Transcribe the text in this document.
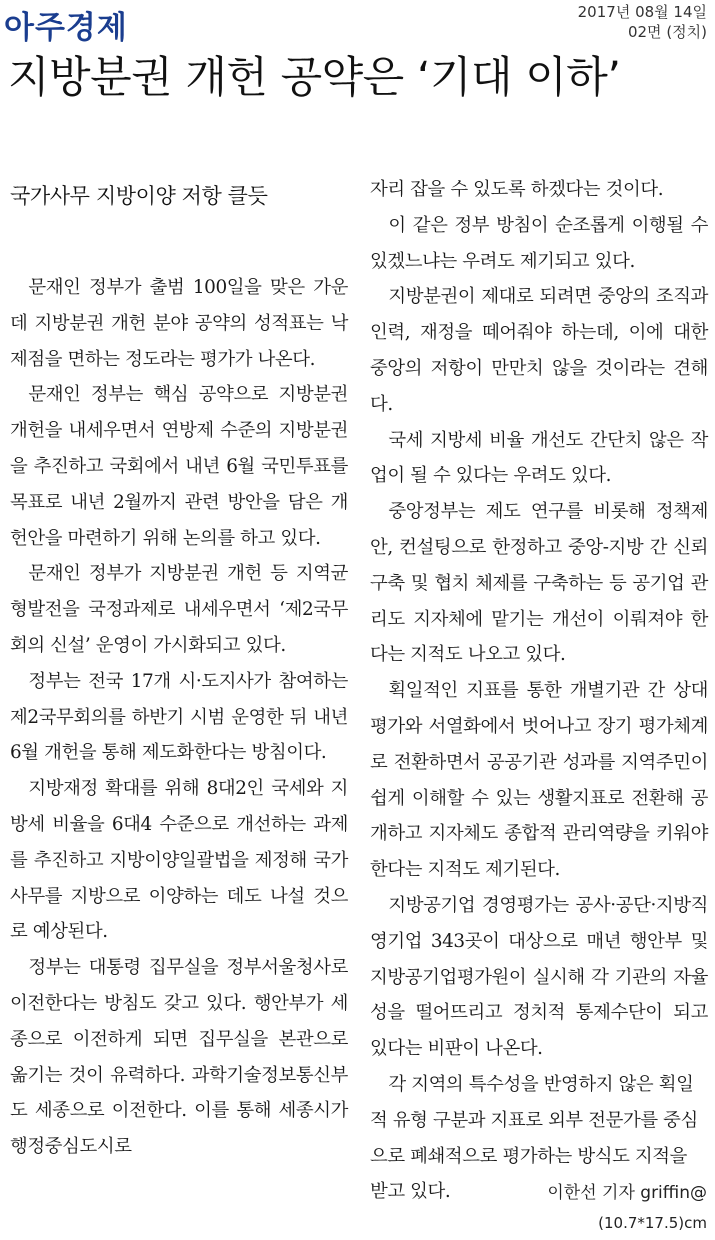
아주경제	2017년 08월 14일
02면 (정치)
지방분권 개헌 공약은 ‘기대 이하’
국가사무 지방이양 저항 클듯

문재인 정부가 출범 100일을 맞은 가운데 지방분권 개헌 분야 공약의 성적표는 낙제점을 면하는 정도라는 평가가 나온다.

문재인 정부는 핵심 공약으로 지방분권 개헌을 내세우면서 연방제 수준의 지방분권을 추진하고 국회에서 내년 6월 국민투표를 목표로 내년 2월까지 관련 방안을 담은 개헌안을 마련하기 위해 논의를 하고 있다.

문재인 정부가 지방분권 개헌 등 지역균형발전을 국정과제로 내세우면서 ‘제2국무회의 신설’ 운영이 가시화되고 있다.

정부는 전국 17개 시·도지사가 참여하는 제2국무회의를 하반기 시범 운영한 뒤 내년 6월 개헌을 통해 제도화한다는 방침이다.

지방재정 확대를 위해 8대2인 국세와 지방세 비율을 6대4 수준으로 개선하는 과제를 추진하고 지방이양일괄법을 제정해 국가 사무를 지방으로 이양하는 데도 나설 것으로 예상된다.

정부는 대통령 집무실을 정부서울청사로 이전한다는 방침도 갖고 있다. 행안부가 세종으로 이전하게 되면 집무실을 본관으로 옮기는 것이 유력하다. 과학기술정보통신부도 세종으로 이전한다. 이를 통해 세종시가 행정중심도시로

자리 잡을 수 있도록 하겠다는 것이다.

이 같은 정부 방침이 순조롭게 이행될 수 있겠느냐는 우려도 제기되고 있다.

지방분권이 제대로 되려면 중앙의 조직과 인력, 재정을 떼어줘야 하는데, 이에 대한 중앙의 저항이 만만치 않을 것이라는 견해다.

국세 지방세 비율 개선도 간단치 않은 작업이 될 수 있다는 우려도 있다.

중앙정부는 제도 연구를 비롯해 정책제안, 컨설팅으로 한정하고 중앙-지방 간 신뢰 구축 및 협치 체제를 구축하는 등 공기업 관리도 지자체에 맡기는 개선이 이뤄져야 한다는 지적도 나오고 있다.

획일적인 지표를 통한 개별기관 간 상대평가와 서열화에서 벗어나고 장기 평가체계로 전환하면서 공공기관 성과를 지역주민이 쉽게 이해할 수 있는 생활지표로 전환해 공개하고 지자체도 종합적 관리역량을 키워야 한다는 지적도 제기된다.

지방공기업 경영평가는 공사·공단·지방직영기업 343곳이 대상으로 매년 행안부 및 지방공기업평가원이 실시해 각 기관의 자율성을 떨어뜨리고 정치적 통제수단이 되고 있다는 비판이 나온다.

각 지역의 특수성을 반영하지 않은 획일적 유형 구분과 지표로 외부 전문가를 중심으로 폐쇄적으로 평가하는 방식도 지적을 받고 있다.	이한선 기자 griffin@
(10.7*17.5)cm
